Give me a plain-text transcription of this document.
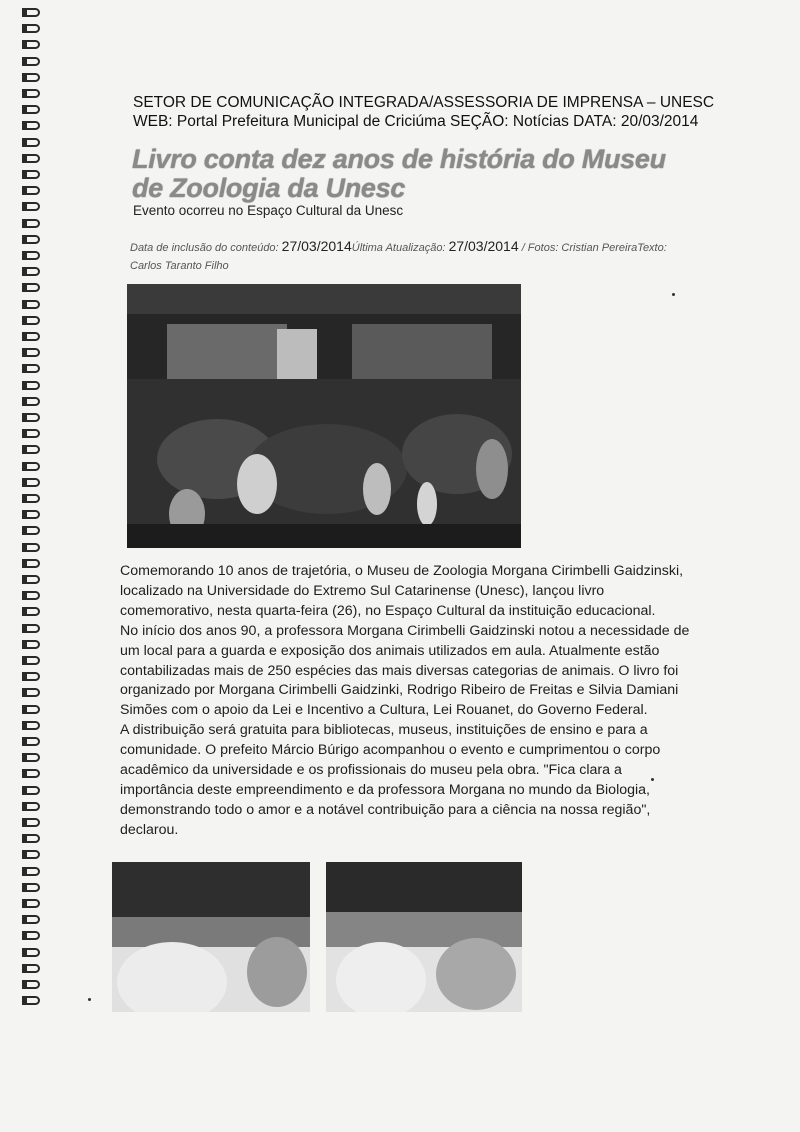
SETOR DE COMUNICAÇÃO INTEGRADA/ASSESSORIA DE IMPRENSA – UNESC
WEB: Portal Prefeitura Municipal de Criciúma SEÇÃO: Notícias DATA: 20/03/2014
Livro conta dez anos de história do Museu de Zoologia da Unesc
Evento ocorreu no Espaço Cultural da Unesc
Data de inclusão do conteúdo: 27/03/2014Última Atualização: 27/03/2014 / Fotos: Cristian PereiraTexto: Carlos Taranto Filho

Comemorando 10 anos de trajetória, o Museu de Zoologia Morgana Cirimbelli Gaidzinski, localizado na Universidade do Extremo Sul Catarinense (Unesc), lançou livro comemorativo, nesta quarta-feira (26), no Espaço Cultural da instituição educacional.

No início dos anos 90, a professora Morgana Cirimbelli Gaidzinski notou a necessidade de um local para a guarda e exposição dos animais utilizados em aula. Atualmente estão contabilizadas mais de 250 espécies das mais diversas categorias de animais. O livro foi organizado por Morgana Cirimbelli Gaidzinki, Rodrigo Ribeiro de Freitas e Silvia Damiani Simões com o apoio da Lei e Incentivo a Cultura, Lei Rouanet, do Governo Federal.

A distribuição será gratuita para bibliotecas, museus, instituições de ensino e para a comunidade. O prefeito Márcio Búrigo acompanhou o evento e cumprimentou o corpo acadêmico da universidade e os profissionais do museu pela obra. "Fica clara a importância deste empreendimento e da professora Morgana no mundo da Biologia, demonstrando todo o amor e a notável contribuição para a ciência na nossa região", declarou.
